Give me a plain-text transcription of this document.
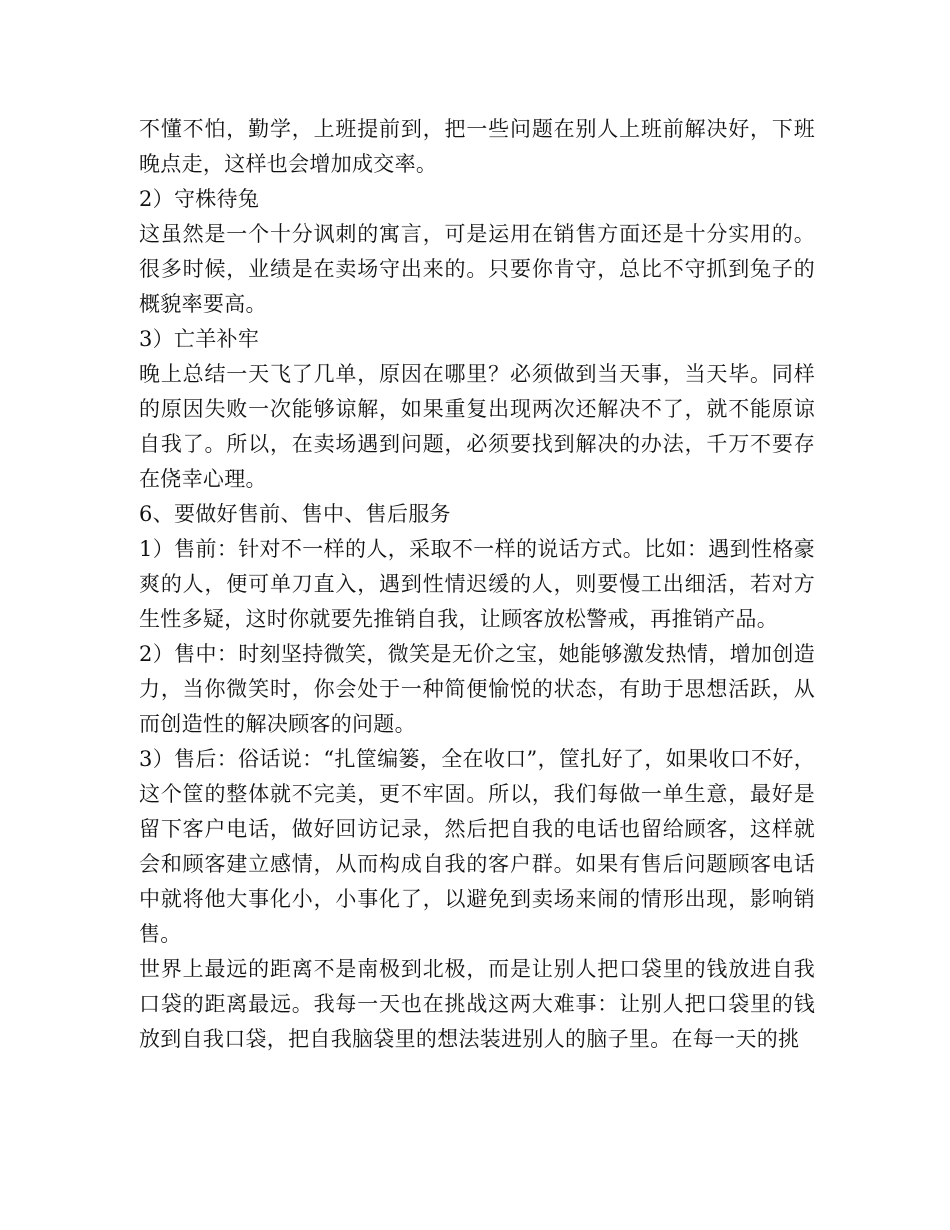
不懂不怕，勤学，上班提前到，把一些问题在别人上班前解决好，下班晚点走，这样也会增加成交率。

2）守株待兔

这虽然是一个十分讽刺的寓言，可是运用在销售方面还是十分实用的。很多时候，业绩是在卖场守出来的。只要你肯守，总比不守抓到兔子的概貌率要高。

3）亡羊补牢

晚上总结一天飞了几单，原因在哪里？必须做到当天事，当天毕。同样的原因失败一次能够谅解，如果重复出现两次还解决不了，就不能原谅自我了。所以，在卖场遇到问题，必须要找到解决的办法，千万不要存在侥幸心理。

6、要做好售前、售中、售后服务

1）售前：针对不一样的人，采取不一样的说话方式。比如：遇到性格豪爽的人，便可单刀直入，遇到性情迟缓的人，则要慢工出细活，若对方生性多疑，这时你就要先推销自我，让顾客放松警戒，再推销产品。

2）售中：时刻坚持微笑，微笑是无价之宝，她能够激发热情，增加创造力，当你微笑时，你会处于一种简便愉悦的状态，有助于思想活跃，从而创造性的解决顾客的问题。

3）售后：俗话说：“扎筐编篓，全在收口”，筐扎好了，如果收口不好，这个筐的整体就不完美，更不牢固。所以，我们每做一单生意，最好是留下客户电话，做好回访记录，然后把自我的电话也留给顾客，这样就会和顾客建立感情，从而构成自我的客户群。如果有售后问题顾客电话中就将他大事化小，小事化了，以避免到卖场来闹的情形出现，影响销售。

世界上最远的距离不是南极到北极，而是让别人把口袋里的钱放进自我口袋的距离最远。我每一天也在挑战这两大难事：让别人把口袋里的钱放到自我口袋，把自我脑袋里的想法装进别人的脑子里。在每一天的挑
